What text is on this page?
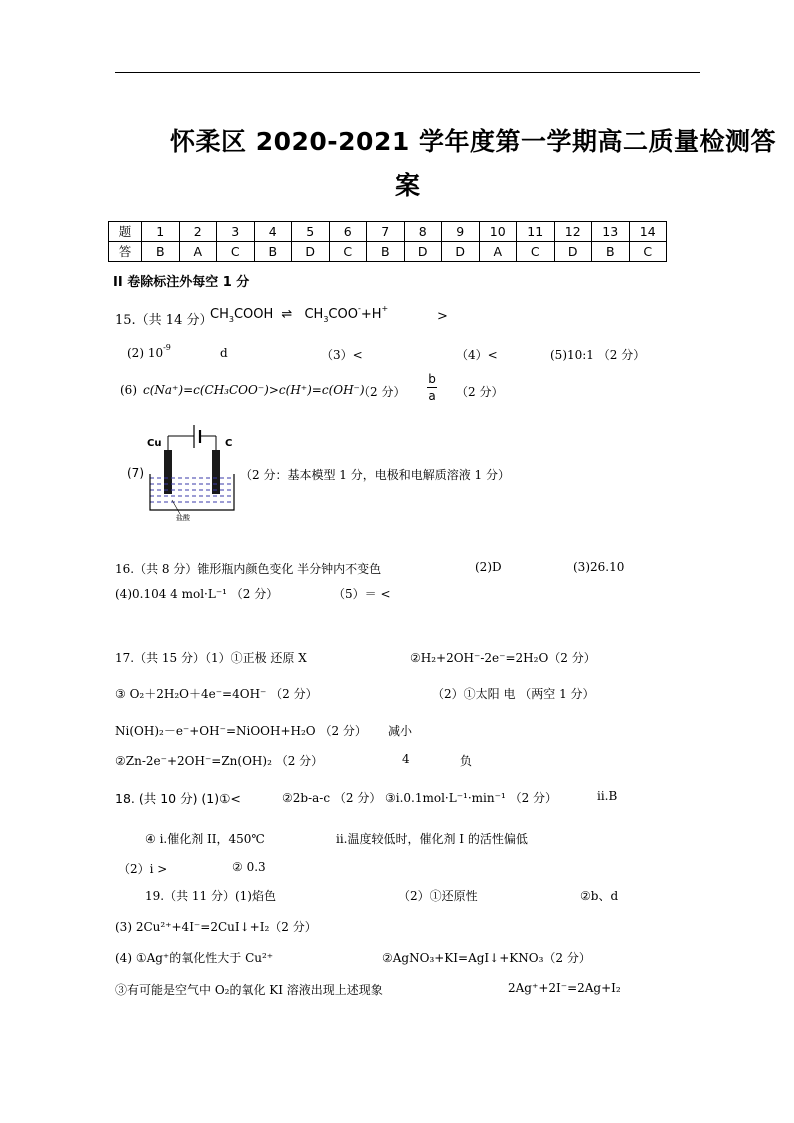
怀柔区 2020-2021 学年度第一学期高二质量检测答
案
题	1	2	3	4	5	6	7	8	9	10	11	12	13	14
答	B	A	C	B	D	C	B	D	D	A	C	D	B	C
II 卷除标注外每空 1 分
15.（共 14 分）
$CH_3COOH$ ⇌ $CH_3COO^-+H^+$
>
(2) $10^{-9}$	d	（3）<	（4）<	(5)10:1 （2 分）
(6) c(Na⁺)=c(CH₃COO⁻)>c(H⁺)=c(OH⁻)
（2 分） $\frac{b}{a} (2$ 分）
Cu	C
盐酸
(7)	（2 分：基本模型 1 分，电极和电解质溶液 1 分）
16.（共 8 分）锥形瓶内颜色变化 半分钟内不变色	(2)D	(3)26.10
(4)0.104 4 mol·L⁻¹ （2 分）	（5）＝ <
17.（共 15 分）（1）①正极 还原 X	②H₂+2OH⁻-2e⁻=2H₂O（2 分）
③ O₂＋2H₂O＋4e⁻=4OH⁻ （2 分）	（2）①太阳 电 （两空 1 分）
Ni(OH)₂－e⁻+OH⁻=NiOOH+H₂O （2 分） 减小
②Zn-2e⁻+2OH⁻=Zn(OH)₂ （2 分）	4	负
18. (共 10 分) (1)①<	②2b-a-c （2 分） ③ⅰ.0.1mol·L⁻¹·min⁻¹ （2 分）	ⅱ.B
④ ⅰ.催化剂 II，450℃	ⅱ.温度较低时，催化剂 I 的活性偏低
（2）ⅰ >	② 0.3
19.（共 11 分）(1)焰色	（2）①还原性	②b、d
(3) 2Cu²⁺+4I⁻=2CuI↓+I₂（2 分）
(4) ①Ag⁺的氧化性大于 Cu²⁺	②AgNO₃+KI=AgI↓+KNO₃（2 分）
③有可能是空气中 O₂的氧化 KI 溶液出现上述现象	2Ag⁺+2I⁻=2Ag+I₂
